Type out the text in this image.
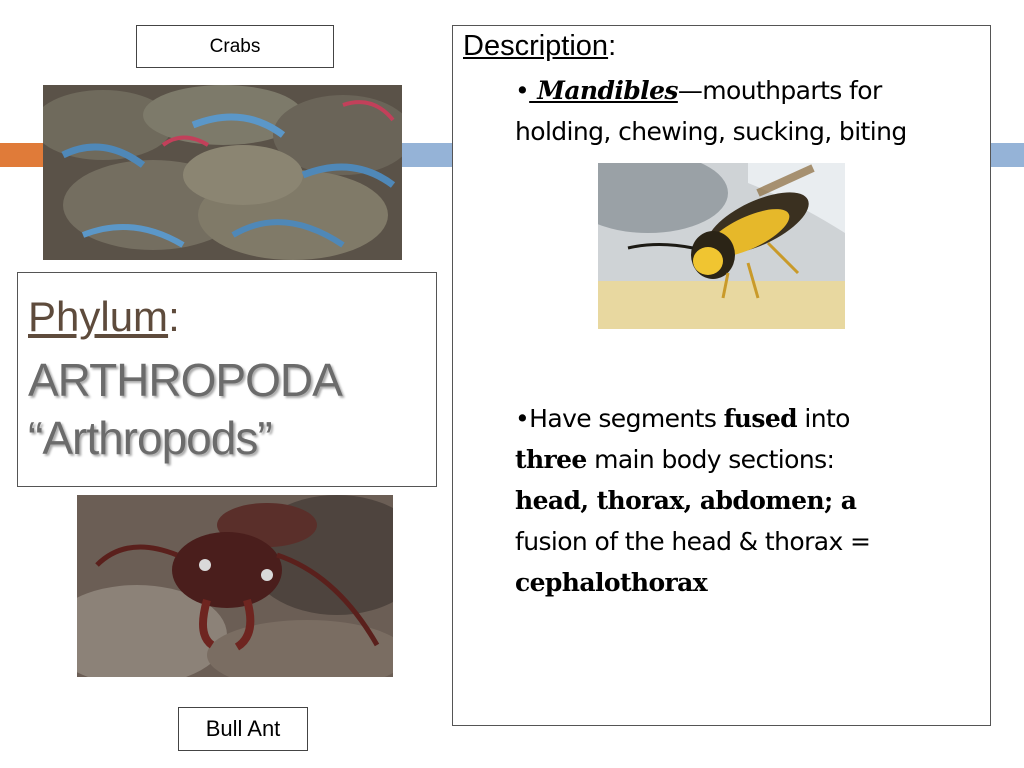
Crabs
Phylum:
ARTHROPODA
“Arthropods”
Bull Ant
Description:
• Mandibles—mouthparts for
holding, chewing, sucking, biting
•Have segments fused into
three main body sections:
head, thorax, abdomen; a
fusion of the head & thorax =
cephalothorax
